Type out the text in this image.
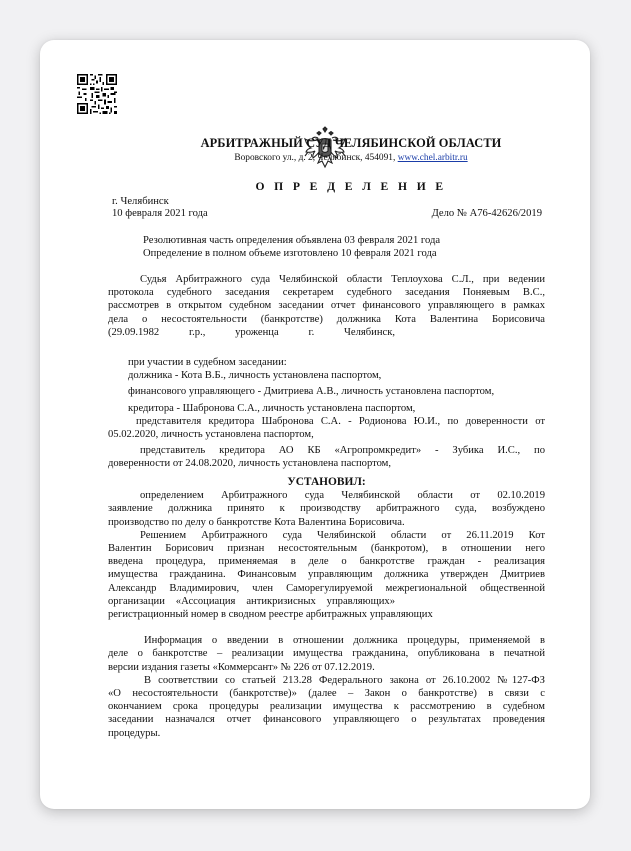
АРБИТРАЖНЫЙ СУД ЧЕЛЯБИНСКОЙ ОБЛАСТИ
Воровского ул., д. 2, Челябинск, 454091, www.chel.arbitr.ru
О П Р Е Д Е Л Е Н И Е
г. Челябинск
10 февраля 2021 года	Дело № А76-42626/2019

Резолютивная часть определения объявлена 03 февраля 2021 года

Определение в полном объеме изготовлено 10 февраля 2021 года

Судья Арбитражного суда Челябинской области Теплоухова С.Л., при ведении

протокола судебного заседания секретарем судебного заседания Поняевым В.С.,

рассмотрев в открытом судебном заседании отчет финансового управляющего в рамках

дела о несостоятельности (банкротстве) должника Кота Валентина Борисовича

(29.09.1982 г.р., уроженца г. Челябинск,

при участии в судебном заседании:

должника - Кота В.Б., личность установлена паспортом,

финансового управляющего - Дмитриева А.В., личность установлена паспортом,

кредитора - Шабронова С.А., личность установлена паспортом,

представителя кредитора Шабронова С.А. - Родионова Ю.И., по доверенности от

05.02.2020, личность установлена паспортом,

представитель кредитора АО КБ «Агропромкредит» - Зубика И.С., по

доверенности от 24.08.2020, личность установлена паспортом,

УСТАНОВИЛ:

определением Арбитражного суда Челябинской области от 02.10.2019

заявление должника принято к производству арбитражного суда, возбуждено

производство по делу о банкротстве Кота Валентина Борисовича.

Решением Арбитражного суда Челябинской области от 26.11.2019 Кот

Валентин Борисович признан несостоятельным (банкротом), в отношении него

введена процедура, применяемая в деле о банкротстве граждан - реализация

имущества гражданина. Финансовым управляющим должника утвержден Дмитриев

Александр Владимирович, член Саморегулируемой межрегиональной общественной

организации «Ассоциация антикризисных управляющих»

регистрационный номер в сводном реестре арбитражных управляющих

Информация о введении в отношении должника процедуры, применяемой в

деле о банкротстве – реализации имущества гражданина, опубликована в печатной

версии издания газеты «Коммерсант» № 226 от 07.12.2019.

В соответствии со статьей 213.28 Федерального закона от 26.10.2002 №127-ФЗ

«О несостоятельности (банкротстве)» (далее – Закон о банкротстве) в связи с

окончанием срока процедуры реализации имущества к рассмотрению в судебном

заседании назначался отчет финансового управляющего о результатах проведения

процедуры.
